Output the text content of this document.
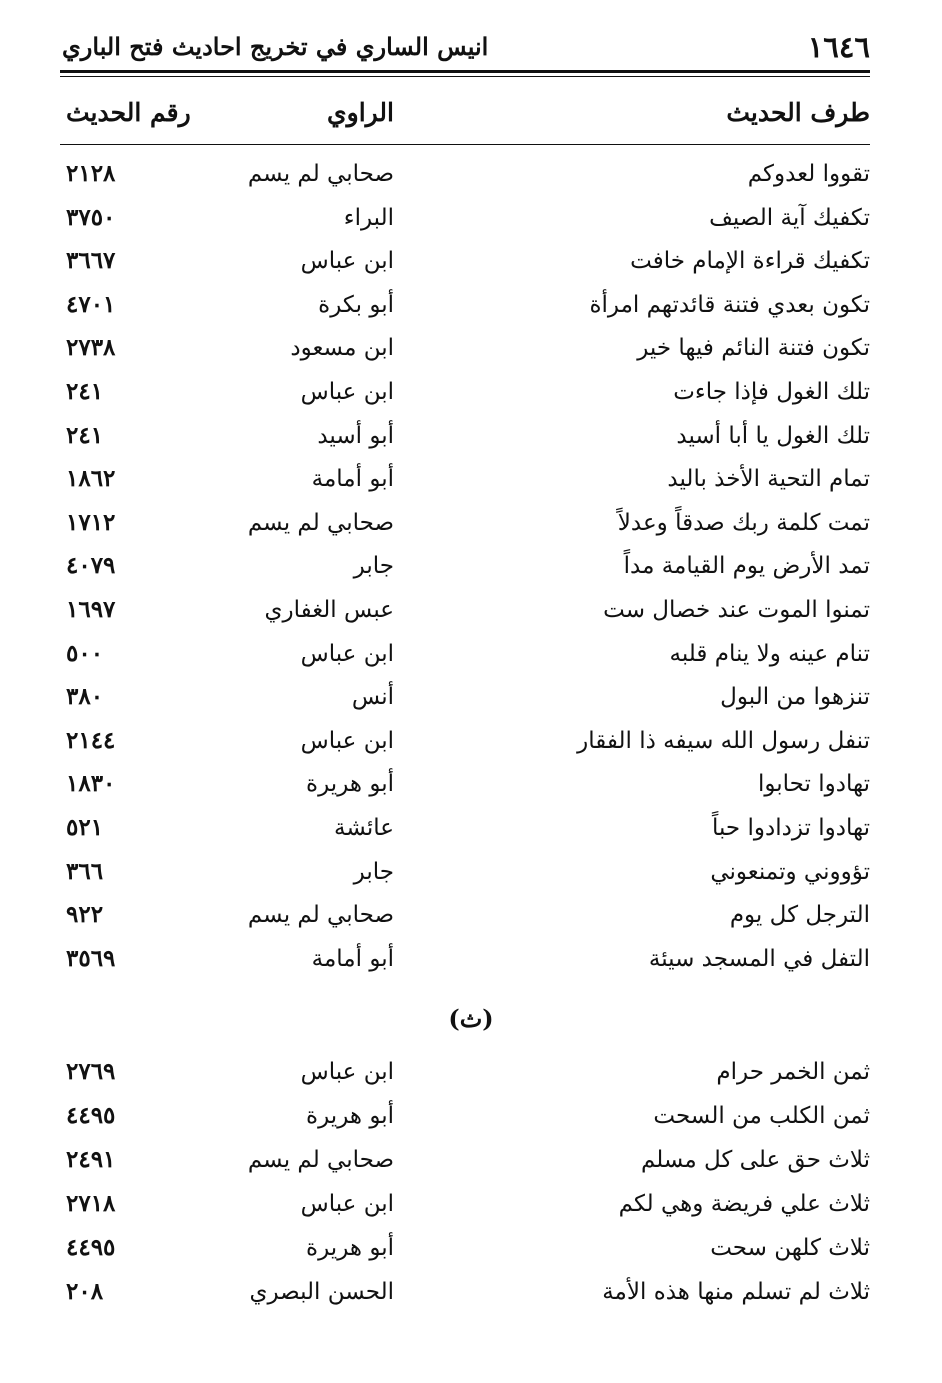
١٦٤٦
انيس الساري في تخريج احاديث فتح الباري
طرف الحديث
الراوي
رقم الحديث
تقووا لعدوكم
صحابي لم يسم
٢١٢٨
تكفيك آية الصيف
البراء
٣٧٥٠
تكفيك قراءة الإمام خافت
ابن عباس
٣٦٦٧
تكون بعدي فتنة قائدتهم امرأة
أبو بكرة
٤٧٠١
تكون فتنة النائم فيها خير
ابن مسعود
٢٧٣٨
تلك الغول فإذا جاءت
ابن عباس
٢٤١
تلك الغول يا أبا أسيد
أبو أسيد
٢٤١
تمام التحية الأخذ باليد
أبو أمامة
١٨٦٢
تمت كلمة ربك صدقاً وعدلاً
صحابي لم يسم
١٧١٢
تمد الأرض يوم القيامة مداً
جابر
٤٠٧٩
تمنوا الموت عند خصال ست
عبس الغفاري
١٦٩٧
تنام عينه ولا ينام قلبه
ابن عباس
٥٠٠
تنزهوا من البول
أنس
٣٨٠
تنفل رسول الله سيفه ذا الفقار
ابن عباس
٢١٤٤
تهادوا تحابوا
أبو هريرة
١٨٣٠
تهادوا تزدادوا حباً
عائشة
٥٢١
تؤووني وتمنعوني
جابر
٣٦٦
الترجل كل يوم
صحابي لم يسم
٩٢٢
التفل في المسجد سيئة
أبو أمامة
٣٥٦٩
(ث)
ثمن الخمر حرام
ابن عباس
٢٧٦٩
ثمن الكلب من السحت
أبو هريرة
٤٤٩٥
ثلاث حق على كل مسلم
صحابي لم يسم
٢٤٩١
ثلاث علي فريضة وهي لكم
ابن عباس
٢٧١٨
ثلاث كلهن سحت
أبو هريرة
٤٤٩٥
ثلاث لم تسلم منها هذه الأمة
الحسن البصري
٢٠٨
